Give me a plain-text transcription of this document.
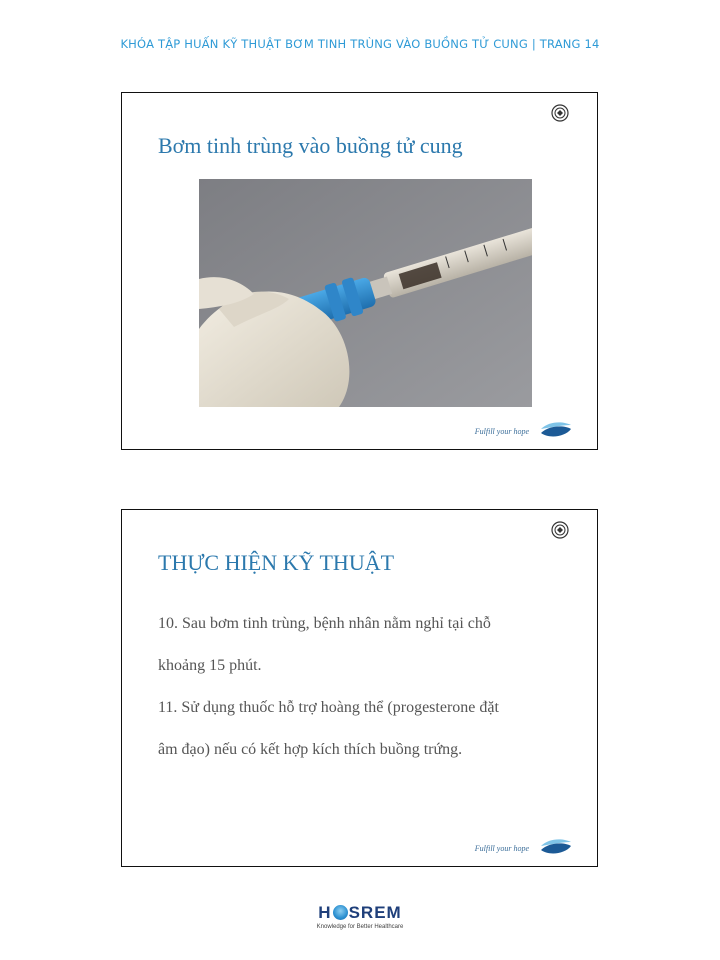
KHÓA TẬP HUẤN KỸ THUẬT BƠM TINH TRÙNG VÀO BUỒNG TỬ CUNG | TRANG 14
Bơm tinh trùng vào buồng tử cung
Fulfill your hope
THỰC HIỆN KỸ THUẬT
10. Sau bơm tinh trùng, bệnh nhân nằm nghỉ tại chỗ
khoảng 15 phút.
11. Sử dụng thuốc hỗ trợ hoàng thể (progesterone đặt
âm đạo) nếu có kết hợp kích thích buồng trứng.
Fulfill your hope
H SREM
Knowledge for Better Healthcare
